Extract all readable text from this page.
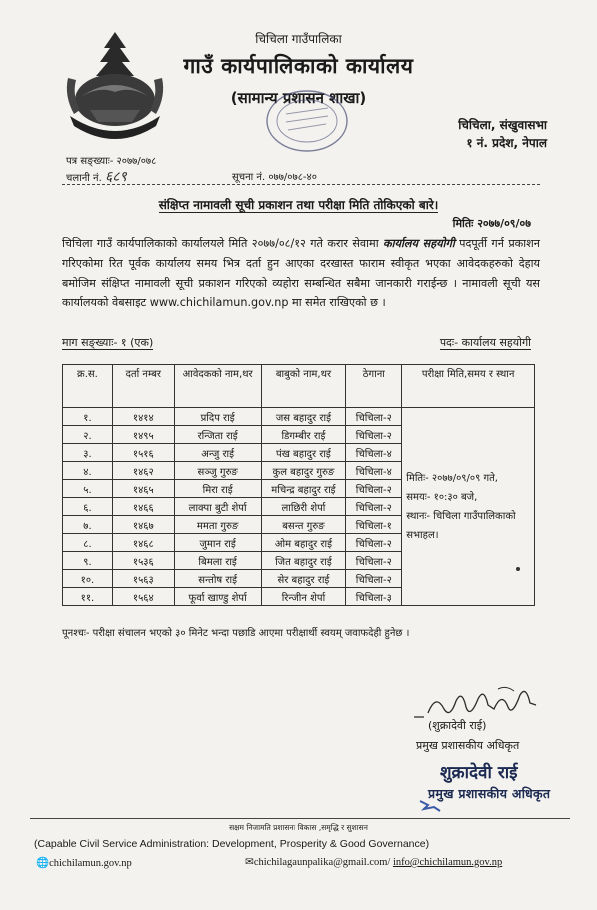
चिचिला गाउँपालिका
गाउँ कार्यपालिकाको कार्यालय
(सामान्य प्रशासन शाखा)
चिचिला, संखुवासभा
१ नं. प्रदेश, नेपाल
पत्र सङ्ख्याः- २०७७/०७८
चलानी नं. ६८९	सूचना नं. ०७७/०७८-४०
संक्षिप्त नामावली सूची प्रकाशन तथा परीक्षा मिति तोकिएको बारे।
मितिः २०७७/०९/०७
चिचिला गाउँ कार्यपालिकाको कार्यालयले मिति २०७७/०८/१२ गते करार सेवामा कार्यालय सहयोगी पदपूर्ती गर्न प्रकाशन गरिएकोमा रित पूर्वक कार्यालय समय भित्र दर्ता हुन आएका दरखास्त फाराम स्वीकृत भएका आवेदकहरुको देहाय बमोजिम संक्षिप्त नामावली सूची प्रकाशन गरिएको व्यहोरा सम्बन्धित सबैमा जानकारी गराईन्छ । नामावली सूची यस कार्यालयको वेबसाइट www.chichilamun.gov.np मा समेत राखिएको छ ।
माग सङ्ख्याः- १ (एक)	पदः- कार्यालय सहयोगी
क्र.स.	दर्ता नम्बर	आवेदकको नाम,थर	बाबुको नाम,थर	ठेगाना	परीक्षा मिति,समय र स्थान
१.	१४१४	प्रदिप राई	जस बहादुर राई	चिचिला-२	मितिः- २०७७/०९/०९ गते,
समयः- १०:३० बजे,
स्थानः- चिचिला गाउँपालिकाको सभाहल।

२.	१४९५	रन्जिता राई	डिगम्बीर राई	चिचिला-२	
३.	१५१६	अन्जु राई	पंख बहादुर राई	चिचिला-४	
४.	१४६२	सञ्जु गुरुङ	कुल बहादुर गुरुङ	चिचिला-४	
५.	१४६५	मिरा राई	मचिन्द्र बहादुर राई	चिचिला-२	
६.	१४६६	लाक्पा बुटी शेर्पा	लाछिरी शेर्पा	चिचिला-२	
७.	१४६७	ममता गुरुङ	बसन्त गुरुङ	चिचिला-१	
८.	१४६८	जुमान राई	ओम बहादुर राई	चिचिला-२	
९.	१५३६	बिमला राई	जित बहादुर राई	चिचिला-२	
१०.	१५६३	सन्तोष राई	सेर बहादुर राई	चिचिला-२	
११.	१५६४	फूर्वा खाण्डु शेर्पा	रिन्जीन शेर्पा	चिचिला-३	
पूनश्चः- परीक्षा संचालन भएको ३० मिनेट भन्दा पछाडि आएमा परीक्षार्थी स्वयम् जवाफदेही हुनेछ ।
(शुक्रादेवी राई)
प्रमुख प्रशासकीय अधिकृत
शुक्रादेवी राई
प्रमुख प्रशासकीय अधिकृत
सक्षम निजामति प्रशासनः विकास ,समृद्धि र सुशासन
(Capable Civil Service Administration: Development, Prosperity & Good Governance)
🌐chichilamun.gov.np	✉chichilagaunpalika@gmail.com/ info@chichilamun.gov.np
